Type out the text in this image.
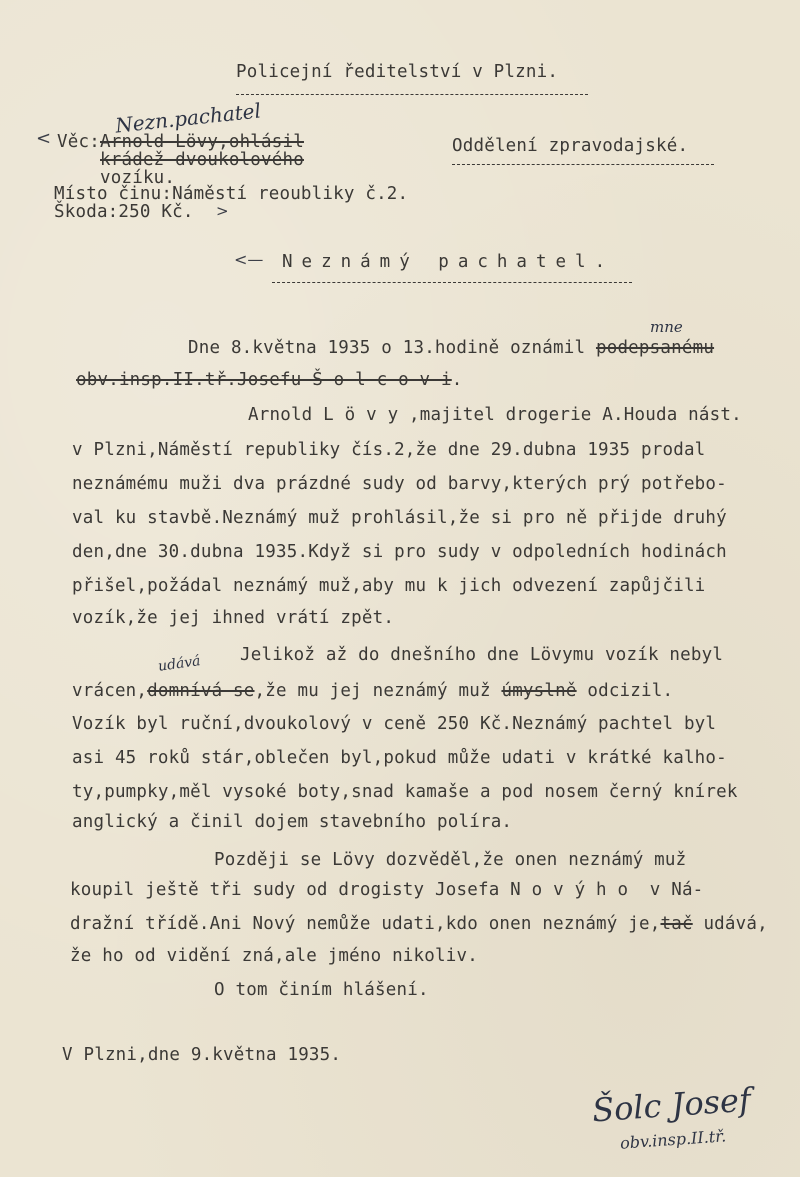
Policejní ředitelství v Plzni.
< Věc:
Nezn.pachatel
Arnold Lövy,ohlásil
krádež dvoukolového
vozíku.
Místo činu:Náměstí reoubliky č.2.
Škoda:250 Kč. >
Oddělení zpravodajské.
<— Neznámý pachatel.
mne
Dne 8.května 1935 o 13.hodině oznámil podepsanému
obv.insp.II.tř.Josefu Š o l c o v i.
Arnold L ö v y ,majitel drogerie A.Houda nást.
v Plzni,Náměstí republiky čís.2,že dne 29.dubna 1935 prodal
neznámému muži dva prázdné sudy od barvy,kterých prý potřebo-
val ku stavbě.Neznámý muž prohlásil,že si pro ně přijde druhý
den,dne 30.dubna 1935.Když si pro sudy v odpoledních hodinách
přišel,požádal neznámý muž,aby mu k jich odvezení zapůjčili
vozík,že jej ihned vrátí zpět.
udává Jelikož až do dnešního dne Lövymu vozík nebyl
vrácen,domnívá se,že mu jej neznámý muž úmyslně odcizil.
Vozík byl ruční,dvoukolový v ceně 250 Kč.Neznámý pachtel byl
asi 45 roků stár,oblečen byl,pokud může udati v krátké kalho-
ty,pumpky,měl vysoké boty,snad kamaše a pod nosem černý knírek
anglický a činil dojem stavebního políra.
Později se Lövy dozvěděl,že onen neznámý muž
koupil ještě tři sudy od drogisty Josefa N o v ý h o  v Ná-
dražní třídě.Ani Nový nemůže udati,kdo onen neznámý je,tač udává,
že ho od vidění zná,ale jméno nikoliv.
O tom činím hlášení.
V Plzni,dne 9.května 1935.
Šolc Josef
obv.insp.II.tř.
